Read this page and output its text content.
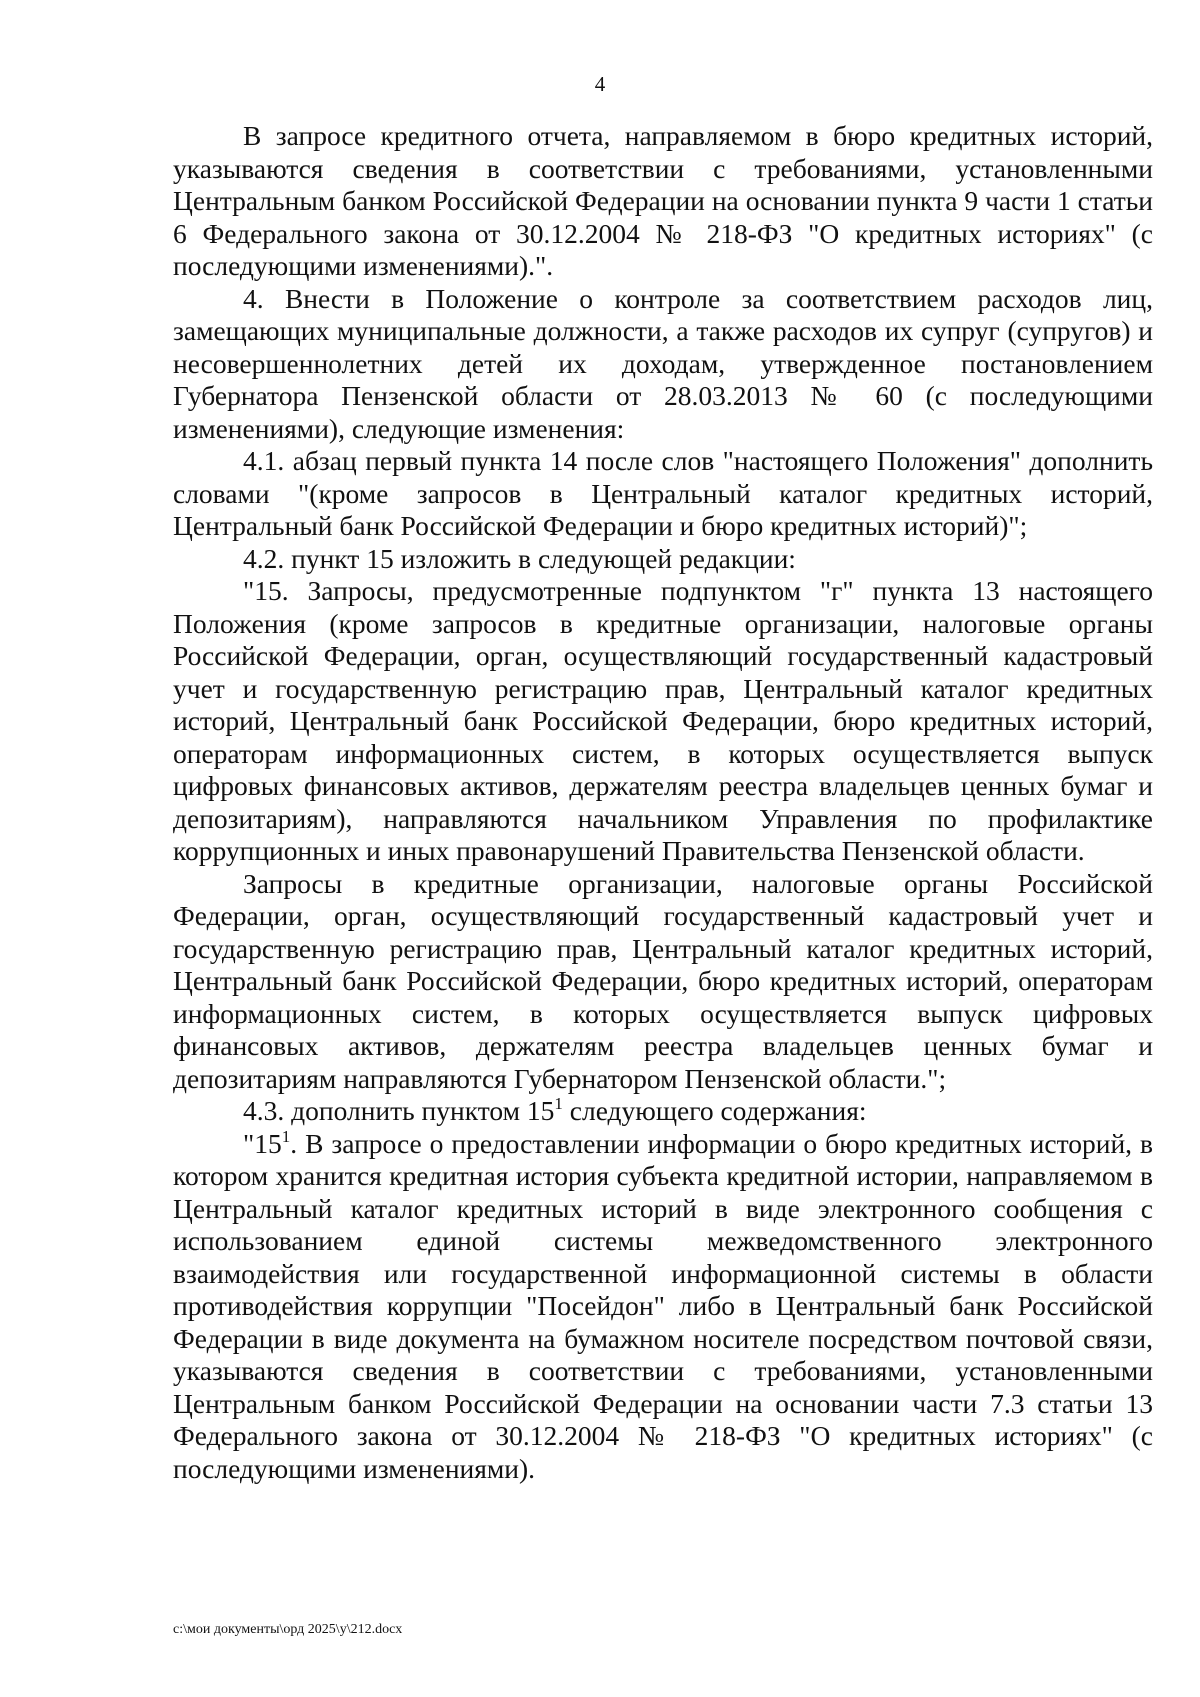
4

В запросе кредитного отчета, направляемом в бюро кредитных историй, указываются сведения в соответствии с требованиями, установленными Центральным банком Российской Федерации на основании пункта 9 части 1 статьи 6 Федерального закона от 30.12.2004 № 218-ФЗ "О кредитных историях" (с последующими изменениями).".

4. Внести в Положение о контроле за соответствием расходов лиц, замещающих муниципальные должности, а также расходов их супруг (супругов) и несовершеннолетних детей их доходам, утвержденное постановлением Губернатора Пензенской области от 28.03.2013 № 60 (с последующими изменениями), следующие изменения:

4.1. абзац первый пункта 14 после слов "настоящего Положения" дополнить словами "(кроме запросов в Центральный каталог кредитных историй, Центральный банк Российской Федерации и бюро кредитных историй)";

4.2. пункт 15 изложить в следующей редакции:

"15. Запросы, предусмотренные подпунктом "г" пункта 13 настоящего Положения (кроме запросов в кредитные организации, налоговые органы Российской Федерации, орган, осуществляющий государственный кадастровый учет и государственную регистрацию прав, Центральный каталог кредитных историй, Центральный банк Российской Федерации, бюро кредитных историй, операторам информационных систем, в которых осуществляется выпуск цифровых финансовых активов, держателям реестра владельцев ценных бумаг и депозитариям), направляются начальником Управления по профилактике коррупционных и иных правонарушений Правительства Пензенской области.

Запросы в кредитные организации, налоговые органы Российской Федерации, орган, осуществляющий государственный кадастровый учет и государственную регистрацию прав, Центральный каталог кредитных историй, Центральный банк Российской Федерации, бюро кредитных историй, операторам информационных систем, в которых осуществляется выпуск цифровых финансовых активов, держателям реестра владельцев ценных бумаг и депозитариям направляются Губернатором Пензенской области.";

4.3. дополнить пунктом $15^1$ следующего содержания:

"$15^1$. В запросе о предоставлении информации о бюро кредитных историй, в котором хранится кредитная история субъекта кредитной истории, направляемом в Центральный каталог кредитных историй в виде электронного сообщения с использованием единой системы межведомственного электронного взаимодействия или государственной информационной системы в области противодействия коррупции "Посейдон" либо в Центральный банк Российской Федерации в виде документа на бумажном носителе посредством почтовой связи, указываются сведения в соответствии с требованиями, установленными Центральным банком Российской Федерации на основании части 7.3 статьи 13 Федерального закона от 30.12.2004 № 218-ФЗ "О кредитных историях" (с последующими изменениями).

c:\мои документы\орд 2025\у\212.docx
